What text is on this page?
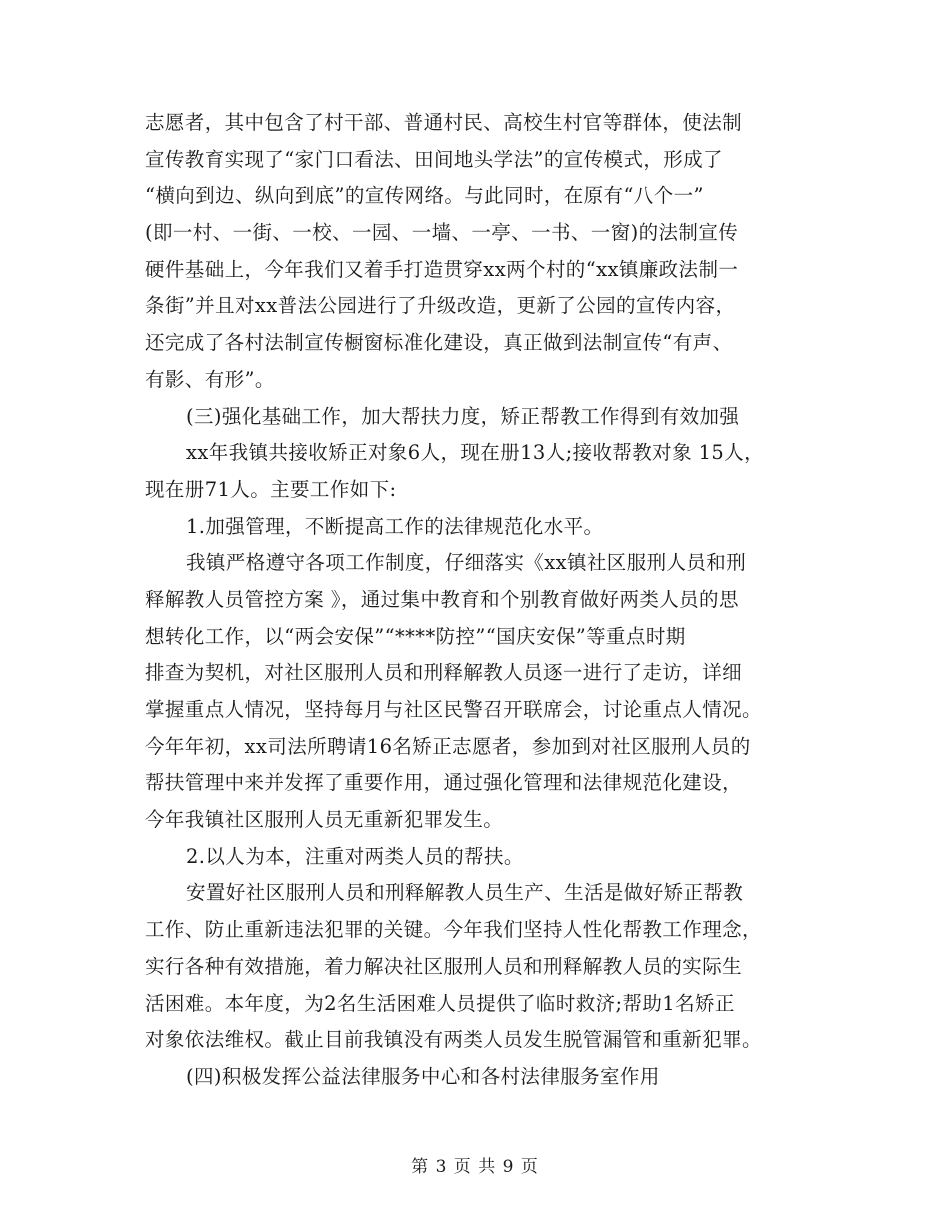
志愿者，其中包含了村干部、普通村民、高校生村官等群体，使法制
宣传教育实现了“家门口看法、田间地头学法”的宣传模式，形成了
“横向到边、纵向到底”的宣传网络。与此同时，在原有“八个一”
(即一村、一街、一校、一园、一墙、一亭、一书、一窗)的法制宣传
硬件基础上，今年我们又着手打造贯穿xx两个村的“xx镇廉政法制一
条街”并且对xx普法公园进行了升级改造，更新了公园的宣传内容，
还完成了各村法制宣传橱窗标准化建设，真正做到法制宣传“有声、
有影、有形”。
(三)强化基础工作，加大帮扶力度，矫正帮教工作得到有效加强
xx年我镇共接收矫正对象6人，现在册13人;接收帮教对象 15人，
现在册71人。主要工作如下:
1.加强管理，不断提高工作的法律规范化水平。
我镇严格遵守各项工作制度，仔细落实《xx镇社区服刑人员和刑
释解教人员管控方案 》，通过集中教育和个别教育做好两类人员的思
想转化工作，以“两会安保”“****防控”“国庆安保”等重点时期
排查为契机，对社区服刑人员和刑释解教人员逐一进行了走访，详细
掌握重点人情况，坚持每月与社区民警召开联席会，讨论重点人情况。
今年年初，xx司法所聘请16名矫正志愿者，参加到对社区服刑人员的
帮扶管理中来并发挥了重要作用，通过强化管理和法律规范化建设，
今年我镇社区服刑人员无重新犯罪发生。
2.以人为本，注重对两类人员的帮扶。
安置好社区服刑人员和刑释解教人员生产、生活是做好矫正帮教
工作、防止重新违法犯罪的关键。今年我们坚持人性化帮教工作理念，
实行各种有效措施，着力解决社区服刑人员和刑释解教人员的实际生
活困难。本年度，为2名生活困难人员提供了临时救济;帮助1名矫正
对象依法维权。截止目前我镇没有两类人员发生脱管漏管和重新犯罪。
(四)积极发挥公益法律服务中心和各村法律服务室作用
第 3 页 共 9 页
